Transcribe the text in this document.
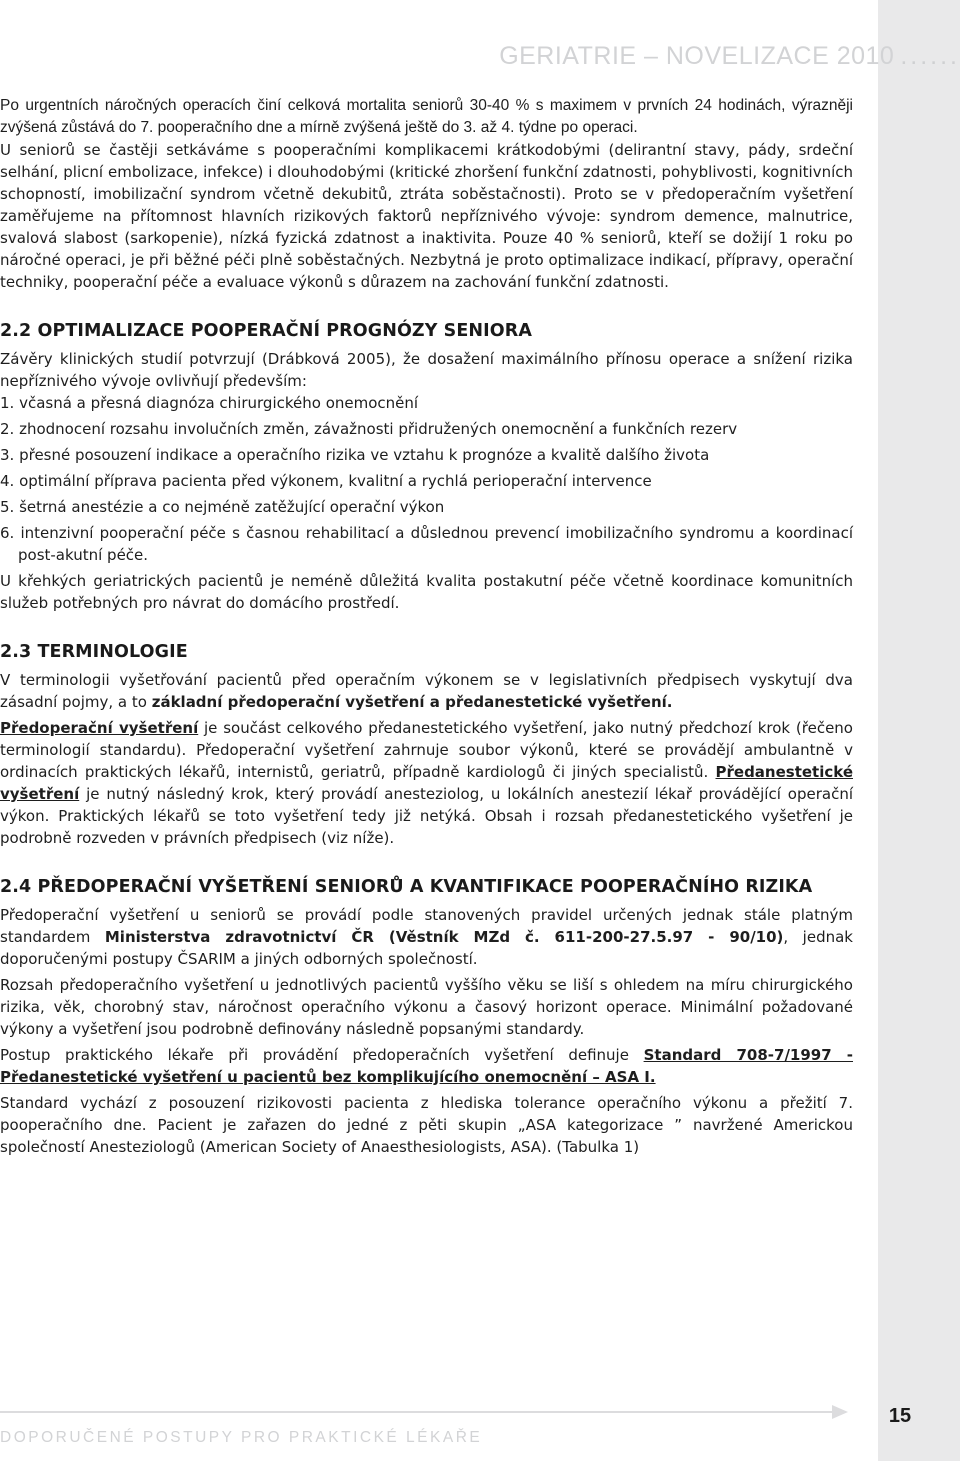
GERIATRIE – NOVELIZACE 2010 ......

Po urgentních náročných operacích činí celková mortalita seniorů 30-40 % s maximem v prvních 24 hodinách, výrazněji zvýšená zůstává do 7. pooperačního dne a mírně zvýšená ještě do 3. až 4. týdne po operaci.

U seniorů se častěji setkáváme s pooperačními komplikacemi krátkodobými (delirantní stavy, pády, srdeční selhání, plicní embolizace, infekce) i dlouhodobými (kritické zhoršení funkční zdatnosti, pohyblivosti, kognitivních schopností, imobilizační syndrom včetně dekubitů, ztráta soběstačnosti). Proto se v předoperačním vyšetření zaměřujeme na přítomnost hlavních rizikových faktorů nepříznivého vývoje: syndrom demence, malnutrice, svalová slabost (sarkopenie), nízká fyzická zdatnost a inaktivita. Pouze 40 % seniorů, kteří se dožijí 1 roku po náročné operaci, je při běžné péči plně soběstačných. Nezbytná je proto optimalizace indikací, přípravy, operační techniky, pooperační péče a evaluace výkonů s důrazem na zachování funkční zdatnosti.

2.2 OPTIMALIZACE POOPERAČNÍ PROGNÓZY SENIORA

Závěry klinických studií potvrzují (Drábková 2005), že dosažení maximálního přínosu operace a snížení rizika nepříznivého vývoje ovlivňují především:

1. včasná a přesná diagnóza chirurgického onemocnění
2. zhodnocení rozsahu involučních změn, závažnosti přidružených onemocnění a funkčních rezerv
3. přesné posouzení indikace a operačního rizika ve vztahu k prognóze a kvalitě dalšího života
4. optimální příprava pacienta před výkonem, kvalitní a rychlá perioperační intervence
5. šetrná anestézie a co nejméně zatěžující operační výkon
6. intenzivní pooperační péče s časnou rehabilitací a důslednou prevencí imobilizačního syndromu a koordinací post-akutní péče.

U křehkých geriatrických pacientů je neméně důležitá kvalita postakutní péče včetně koordinace komunitních služeb potřebných pro návrat do domácího prostředí.

2.3 TERMINOLOGIE

V terminologii vyšetřování pacientů před operačním výkonem se v legislativních předpisech vyskytují dva zásadní pojmy, a to základní předoperační vyšetření a předanestetické vyšetření.

Předoperační vyšetření je součást celkového předanestetického vyšetření, jako nutný předchozí krok (řečeno terminologií standardu). Předoperační vyšetření zahrnuje soubor výkonů, které se provádějí ambulantně v ordinacích praktických lékařů, internistů, geriatrů, případně kardiologů či jiných specialistů. Předanestetické vyšetření je nutný následný krok, který provádí anesteziolog, u lokálních anestezií lékař provádějící operační výkon. Praktických lékařů se toto vyšetření tedy již netýká. Obsah i rozsah předanestetického vyšetření je podrobně rozveden v právních předpisech (viz níže).

2.4 PŘEDOPERAČNÍ VYŠETŘENÍ SENIORŮ A KVANTIFIKACE POOPERAČNÍHO RIZIKA

Předoperační vyšetření u seniorů se provádí podle stanovených pravidel určených jednak stále platným standardem Ministerstva zdravotnictví ČR (Věstník MZd č. 611-200-27.5.97 - 90/10), jednak doporučenými postupy ČSARIM a jiných odborných společností.

Rozsah předoperačního vyšetření u jednotlivých pacientů vyššího věku se liší s ohledem na míru chirurgického rizika, věk, chorobný stav, náročnost operačního výkonu a časový horizont operace. Minimální požadované výkony a vyšetření jsou podrobně definovány následně popsanými standardy.

Postup praktického lékaře při provádění předoperačních vyšetření definuje Standard 708-7/1997 - Předanestetické vyšetření u pacientů bez komplikujícího onemocnění – ASA I.

Standard vychází z posouzení rizikovosti pacienta z hlediska tolerance operačního výkonu a přežití 7. pooperačního dne. Pacient je zařazen do jedné z pěti skupin „ASA kategorizace ” navržené Americkou společností Anesteziologů (American Society of Anaesthesiologists, ASA). (Tabulka 1)

DOPORUČENÉ POSTUPY PRO PRAKTICKÉ LÉKAŘE
15
